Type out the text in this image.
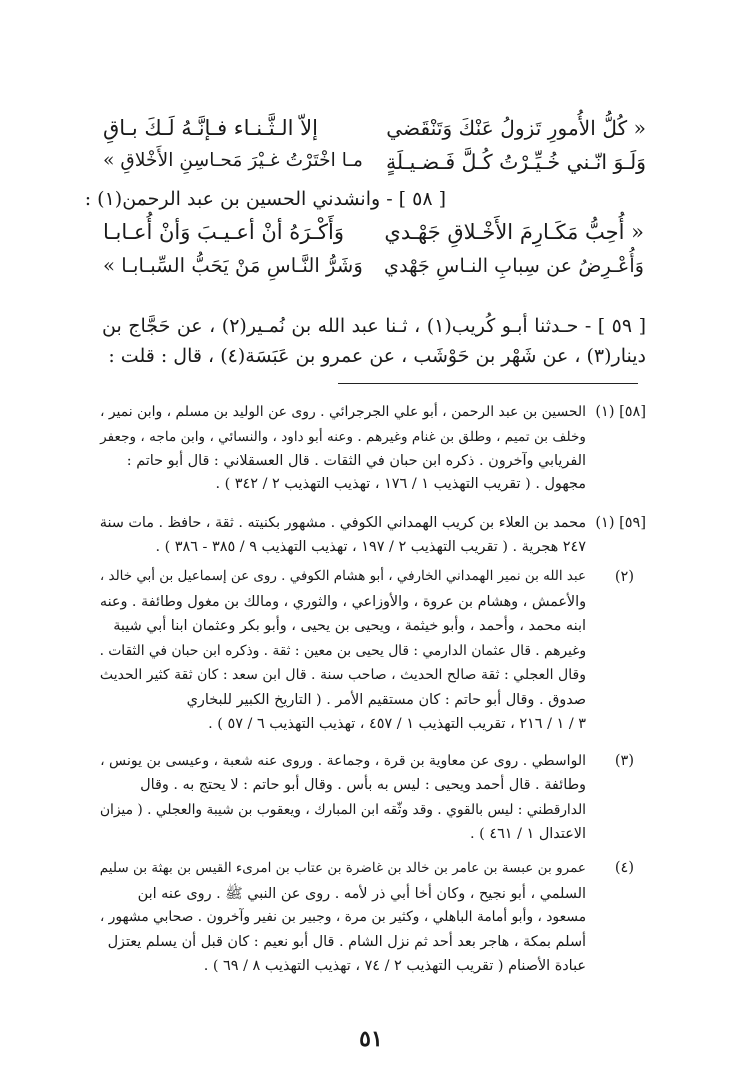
« كُلُّ الأُمورِ تَزولُ عَنْكَ وَتَنْقَضي
إلاّ الـثَّـنـاء فـإنَّـهُ لَـكَ بـاقِ
وَلَـوَ انّـني خُـيِّـرْتُ كُـلَّ فَـضـيـلَةٍ
مـا اخْتَرْتُ غـيْرَ مَحـاسِنِ الأَخْلاقِ »
[ ٥٨ ] - وانشدني الحسين بن عبد الرحمن(١) :
« أُحِبُّ مَكَـارِمَ الأَخْـلاقِ جَهْـدي
وَأَكْـرَهُ أنْ أعـيـبَ وَأنْ أُعـابـا
وَأُعْـرِضُ عن سِبابِ النـاسِ جَهْدي
وَشَرُّ النَّـاسِ مَنْ يَحَبُّ السِّبـابـا »
[ ٥٩ ] - حـدثنا أبـو كُريب(١) ، ثـنا عبد الله بن نُمـير(٢) ، عن حَجَّاج بن
دينار(٣) ، عن شَهْر بن حَوْشَب ، عن عمرو بن عَبَسَة(٤) ، قال : قلت :
[٥٨] (١)
الحسين بن عبد الرحمن ، أبو علي الجرجرائي . روى عن الوليد بن مسلم ، وابن نمير ،
وخلف بن تميم ، وطلق بن غنام وغيرهم . وعنه أبو داود ، والنسائي ، وابن ماجه ، وجعفر
الفريابي وآخرون . ذكره ابن حبان في الثقات . قال العسقلاني : قال أبو حاتم :
مجهول . ( تقريب التهذيب ١ / ١٧٦ ، تهذيب التهذيب ٢ / ٣٤٢ ) .
[٥٩] (١)
محمد بن العلاء بن كريب الهمداني الكوفي . مشهور بكنيته . ثقة ، حافظ . مات سنة
٢٤٧ هجرية . ( تقريب التهذيب ٢ / ١٩٧ ، تهذيب التهذيب ٩ / ٣٨٥ - ٣٨٦ ) .
(٢)
عبد الله بن نمير الهمداني الخارفي ، أبو هشام الكوفي . روى عن إسماعيل بن أبي خالد ،
والأعمش ، وهشام بن عروة ، والأوزاعي ، والثوري ، ومالك بن مغول وطائفة . وعنه
ابنه محمد ، وأحمد ، وأبو خيثمة ، ويحيى بن يحيى ، وأبو بكر وعثمان ابنا أبي شيبة
وغيرهم . قال عثمان الدارمي : قال يحيى بن معين : ثقة . وذكره ابن حبان في الثقات .
وقال العجلي : ثقة صالح الحديث ، صاحب سنة . قال ابن سعد : كان ثقة كثير الحديث
صدوق . وقال أبو حاتم : كان مستقيم الأمر . ( التاريخ الكبير للبخاري
٣ / ١ / ٢١٦ ، تقريب التهذيب ١ / ٤٥٧ ، تهذيب التهذيب ٦ / ٥٧ ) .
(٣)
الواسطي . روى عن معاوية بن قرة ، وجماعة . وروى عنه شعبة ، وعيسى بن يونس ،
وطائفة . قال أحمد ويحيى : ليس به بأس . وقال أبو حاتم : لا يحتج به . وقال
الدارقطني : ليس بالقوي . وقد وثّقه ابن المبارك ، ويعقوب بن شيبة والعجلي . ( ميزان
الاعتدال ١ / ٤٦١ ) .
(٤)
عمرو بن عبسة بن عامر بن خالد بن غاضرة بن عتاب بن امرىء القيس بن بهثة بن سليم
السلمي ، أبو نجيح ، وكان أخا أبي ذر لأمه . روى عن النبي ﷺ . روى عنه ابن
مسعود ، وأبو أمامة الباهلي ، وكثير بن مرة ، وجبير بن نفير وآخرون . صحابي مشهور ،
أسلم بمكة ، هاجر بعد أحد ثم نزل الشام . قال أبو نعيم : كان قبل أن يسلم يعتزل
عبادة الأصنام ( تقريب التهذيب ٢ / ٧٤ ، تهذيب التهذيب ٨ / ٦٩ ) .
٥١
